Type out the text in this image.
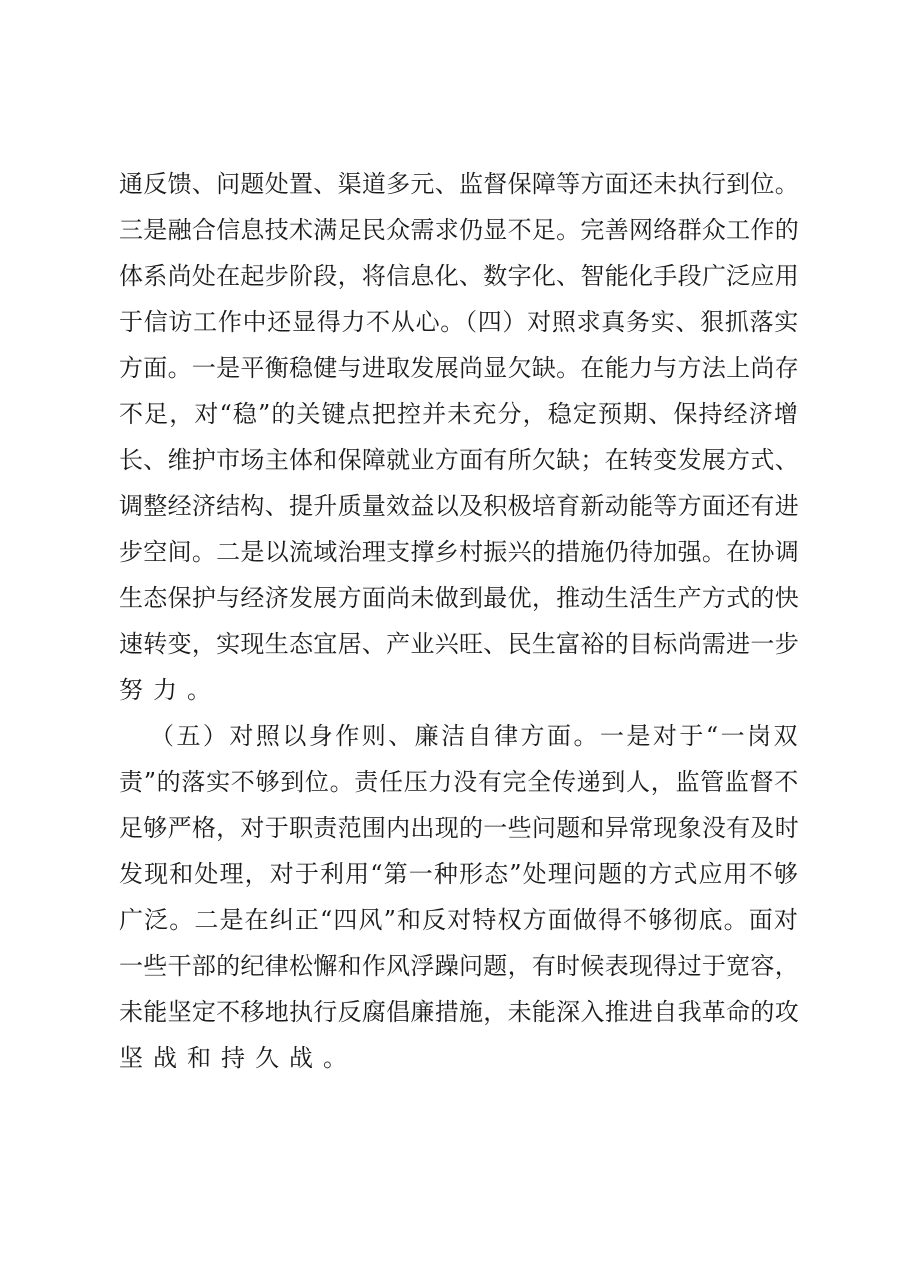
通反馈、问题处置、渠道多元、监督保障等方面还未执行到位。
三是融合信息技术满足民众需求仍显不足。完善网络群众工作的
体系尚处在起步阶段，将信息化、数字化、智能化手段广泛应用
于信访工作中还显得力不从心。（四）对照求真务实、狠抓落实
方面。一是平衡稳健与进取发展尚显欠缺。在能力与方法上尚存
不足，对“稳”的关键点把控并未充分，稳定预期、保持经济增
长、维护市场主体和保障就业方面有所欠缺；在转变发展方式、
调整经济结构、提升质量效益以及积极培育新动能等方面还有进
步空间。二是以流域治理支撑乡村振兴的措施仍待加强。在协调
生态保护与经济发展方面尚未做到最优，推动生活生产方式的快
速转变，实现生态宜居、产业兴旺、民生富裕的目标尚需进一步
努力。
（五）对照以身作则、廉洁自律方面。一是对于“一岗双
责”的落实不够到位。责任压力没有完全传递到人，监管监督不
足够严格，对于职责范围内出现的一些问题和异常现象没有及时
发现和处理，对于利用“第一种形态”处理问题的方式应用不够
广泛。二是在纠正“四风”和反对特权方面做得不够彻底。面对
一些干部的纪律松懈和作风浮躁问题，有时候表现得过于宽容，
未能坚定不移地执行反腐倡廉措施，未能深入推进自我革命的攻
坚战和持久战。
